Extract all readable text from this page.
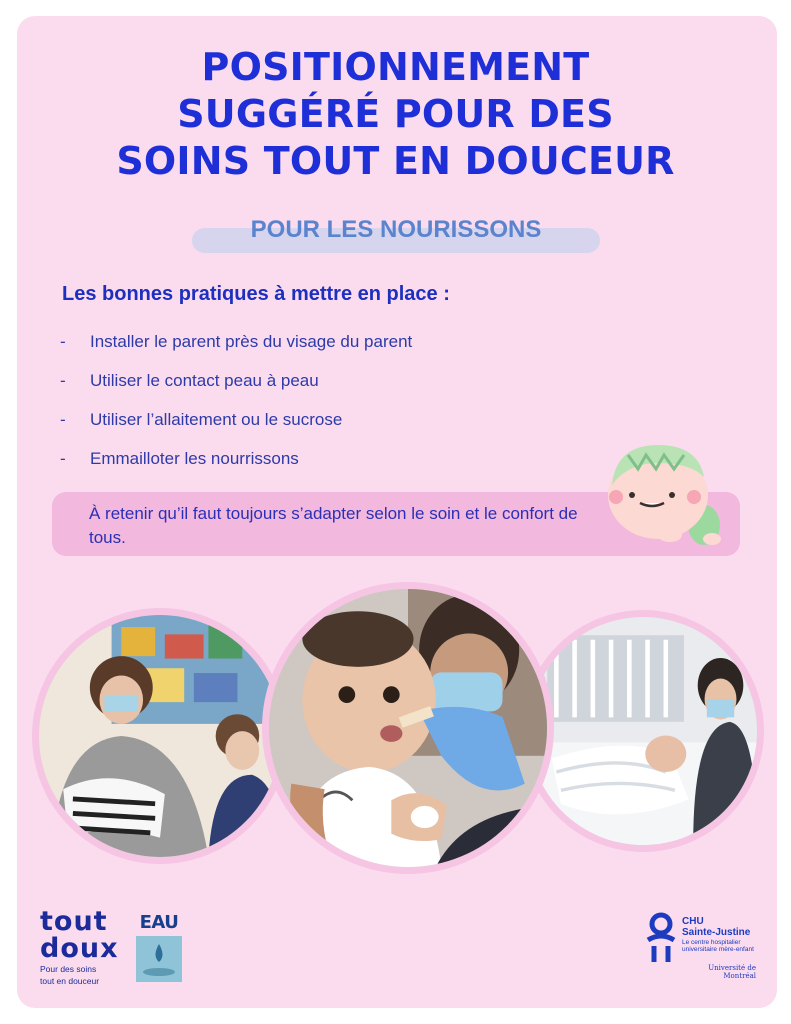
POSITIONNEMENT
SUGGÉRÉ POUR DES
SOINS TOUT EN DOUCEUR
POUR LES NOURISSONS
Les bonnes pratiques à mettre en place :
-	Installer le parent près du visage du parent
-	Utiliser le contact peau à peau
-	Utiliser l’allaitement ou le sucrose
-	Emmailloter les nourrissons
À retenir qu’il faut toujours s’adapter selon le soin et le confort de tous.
tout
doux
Pour des soins
tout en douceur
EAU	CHU
Sainte-Justine
Le centre hospitalier universitaire mère-enfant
Université de Montréal
